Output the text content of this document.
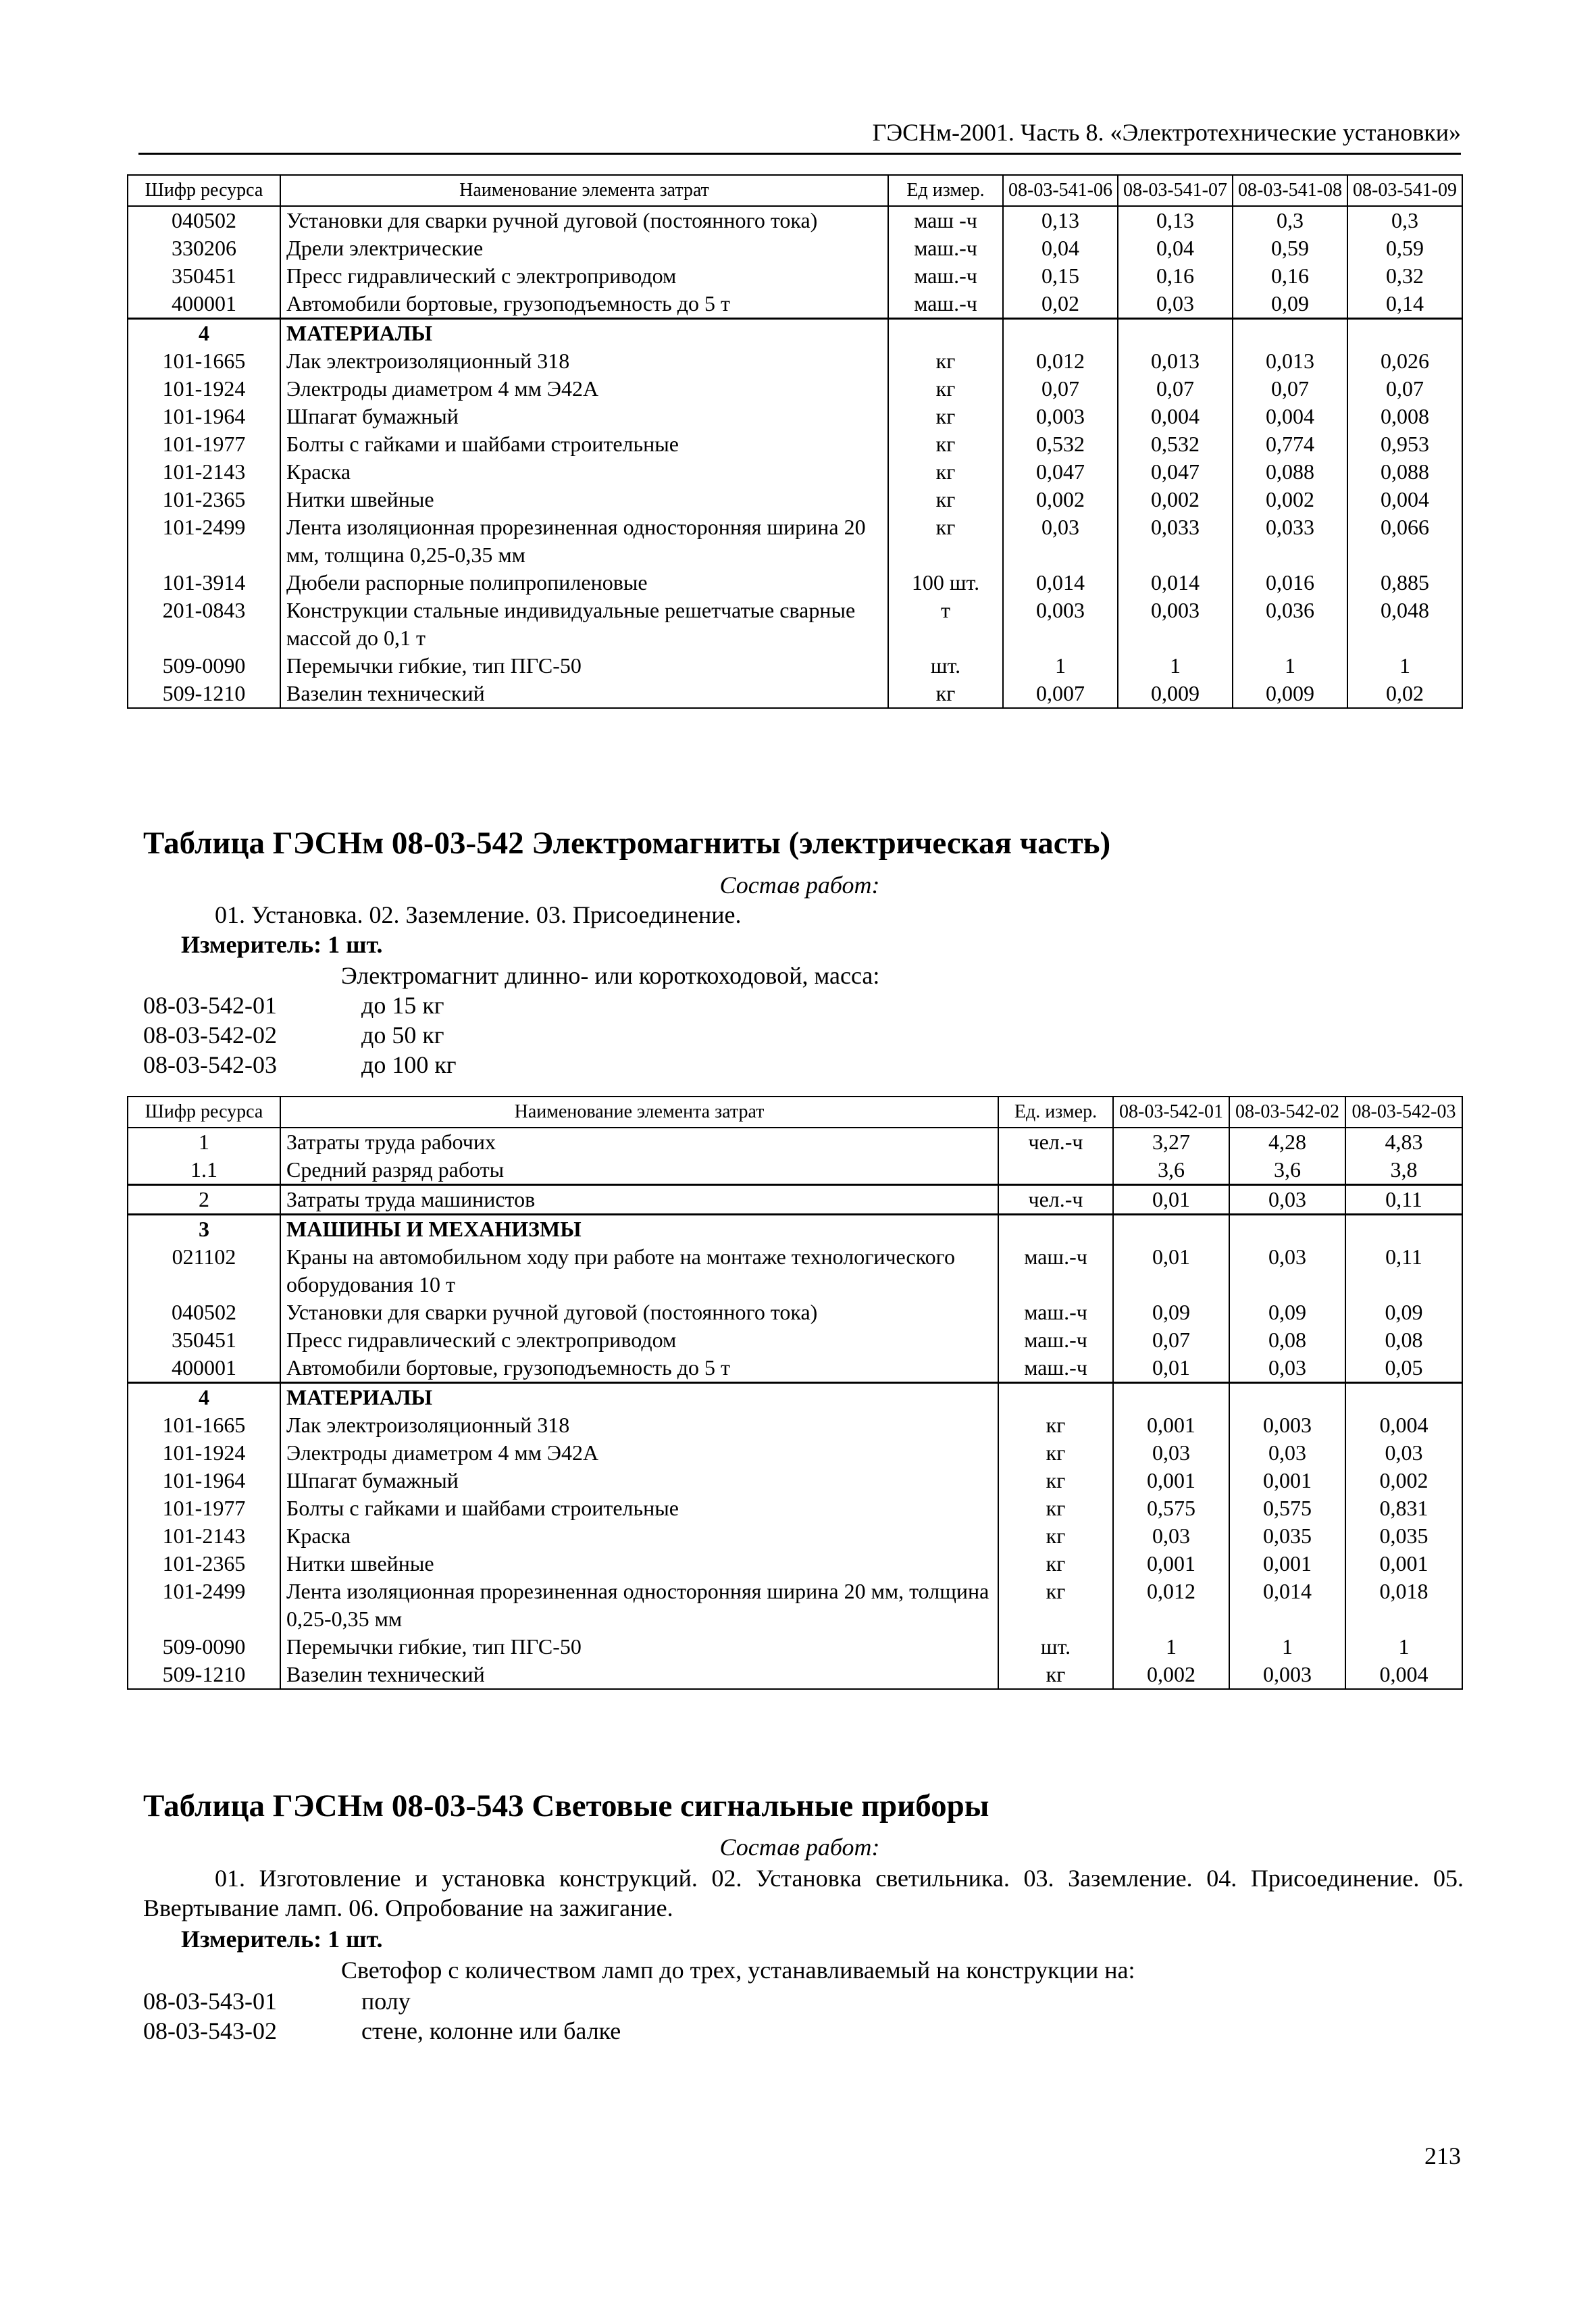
ГЭСНм-2001. Часть 8. «Электротехнические установки»
Шифр ресурса	Наименование элемента затрат	Ед измер.	08-03-541-06	08-03-541-07	08-03-541-08	08-03-541-09
040502	Установки для сварки ручной дуговой (постоянного тока)	маш -ч	0,13	0,13	0,3	0,3
330206	Дрели электрические	маш.-ч	0,04	0,04	0,59	0,59
350451	Пресс гидравлический с электроприводом	маш.-ч	0,15	0,16	0,16	0,32
400001	Автомобили бортовые, грузоподъемность до 5 т	маш.-ч	0,02	0,03	0,09	0,14
4	МАТЕРИАЛЫ					
101-1665	Лак электроизоляционный 318	кг	0,012	0,013	0,013	0,026
101-1924	Электроды диаметром 4 мм Э42А	кг	0,07	0,07	0,07	0,07
101-1964	Шпагат бумажный	кг	0,003	0,004	0,004	0,008
101-1977	Болты с гайками и шайбами строительные	кг	0,532	0,532	0,774	0,953
101-2143	Краска	кг	0,047	0,047	0,088	0,088
101-2365	Нитки швейные	кг	0,002	0,002	0,002	0,004
101-2499	Лента изоляционная прорезиненная односторонняя ширина 20 мм, толщина 0,25-0,35 мм	кг	0,03	0,033	0,033	0,066
101-3914	Дюбели распорные полипропиленовые	100 шт.	0,014	0,014	0,016	0,885
201-0843	Конструкции стальные индивидуальные решетчатые сварные массой до 0,1 т	т	0,003	0,003	0,036	0,048
509-0090	Перемычки гибкие, тип ПГС-50	шт.	1	1	1	1
509-1210	Вазелин технический	кг	0,007	0,009	0,009	0,02
Таблица ГЭСНм 08-03-542 Электромагниты (электрическая часть)
Состав работ:
01. Установка. 02. Заземление. 03. Присоединение.
Измеритель: 1 шт.
Электромагнит длинно- или короткоходовой, масса:
08-03-542-01	до 15 кг
08-03-542-02	до 50 кг
08-03-542-03	до 100 кг
Шифр ресурса	Наименование элемента затрат	Ед. измер.	08-03-542-01	08-03-542-02	08-03-542-03
1	Затраты труда рабочих	чел.-ч	3,27	4,28	4,83
1.1	Средний разряд работы		3,6	3,6	3,8
2	Затраты труда машинистов	чел.-ч	0,01	0,03	0,11
3	МАШИНЫ И МЕХАНИЗМЫ				
021102	Краны на автомобильном ходу при работе на монтаже технологического оборудования 10 т	маш.-ч	0,01	0,03	0,11
040502	Установки для сварки ручной дуговой (постоянного тока)	маш.-ч	0,09	0,09	0,09
350451	Пресс гидравлический с электроприводом	маш.-ч	0,07	0,08	0,08
400001	Автомобили бортовые, грузоподъемность до 5 т	маш.-ч	0,01	0,03	0,05
4	МАТЕРИАЛЫ				
101-1665	Лак электроизоляционный 318	кг	0,001	0,003	0,004
101-1924	Электроды диаметром 4 мм Э42А	кг	0,03	0,03	0,03
101-1964	Шпагат бумажный	кг	0,001	0,001	0,002
101-1977	Болты с гайками и шайбами строительные	кг	0,575	0,575	0,831
101-2143	Краска	кг	0,03	0,035	0,035
101-2365	Нитки швейные	кг	0,001	0,001	0,001
101-2499	Лента изоляционная прорезиненная односторонняя ширина 20 мм, толщина 0,25-0,35 мм	кг	0,012	0,014	0,018
509-0090	Перемычки гибкие, тип ПГС-50	шт.	1	1	1
509-1210	Вазелин технический	кг	0,002	0,003	0,004
Таблица ГЭСНм 08-03-543 Световые сигнальные приборы
Состав работ:
01. Изготовление и установка конструкций. 02. Установка светильника. 03. Заземление. 04. Присоединение. 05. Ввертывание ламп. 06. Опробование на зажигание.
Измеритель: 1 шт.
Светофор с количеством ламп до трех, устанавливаемый на конструкции на:
08-03-543-01	полу
08-03-543-02	стене, колонне или балке
213
